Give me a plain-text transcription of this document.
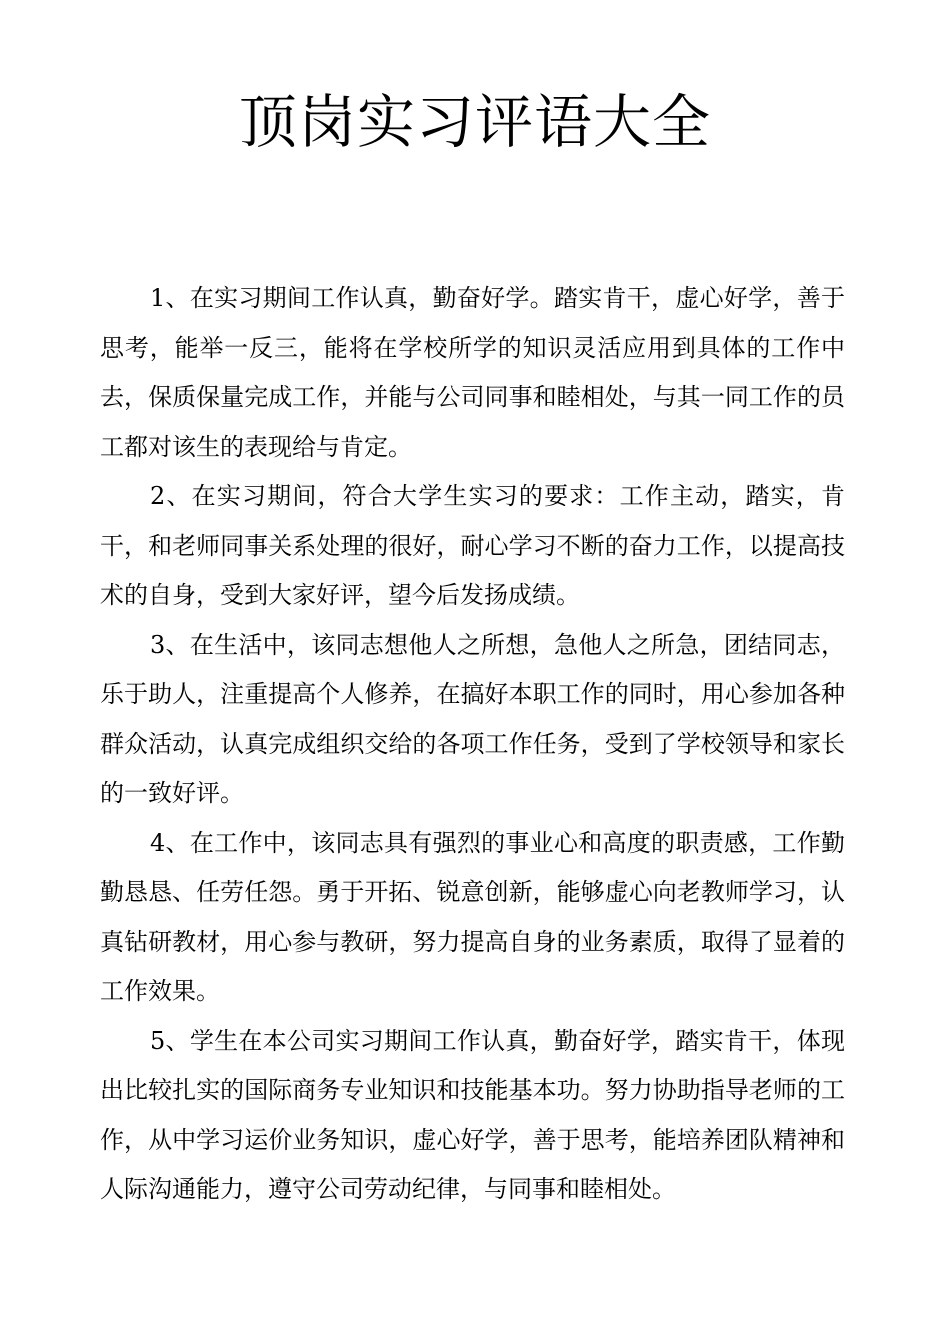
顶岗实习评语大全

1、在实习期间工作认真，勤奋好学。踏实肯干，虚心好学，善于思考，能举一反三，能将在学校所学的知识灵活应用到具体的工作中去，保质保量完成工作，并能与公司同事和睦相处，与其一同工作的员工都对该生的表现给与肯定。

2、在实习期间，符合大学生实习的要求：工作主动，踏实，肯干，和老师同事关系处理的很好，耐心学习不断的奋力工作，以提高技术的自身，受到大家好评，望今后发扬成绩。

3、在生活中，该同志想他人之所想，急他人之所急，团结同志，乐于助人，注重提高个人修养，在搞好本职工作的同时，用心参加各种群众活动，认真完成组织交给的各项工作任务，受到了学校领导和家长的一致好评。

4、在工作中，该同志具有强烈的事业心和高度的职责感，工作勤勤恳恳、任劳任怨。勇于开拓、锐意创新，能够虚心向老教师学习，认真钻研教材，用心参与教研，努力提高自身的业务素质，取得了显着的工作效果。

5、学生在本公司实习期间工作认真，勤奋好学，踏实肯干，体现出比较扎实的国际商务专业知识和技能基本功。努力协助指导老师的工作，从中学习运价业务知识，虚心好学，善于思考，能培养团队精神和人际沟通能力，遵守公司劳动纪律，与同事和睦相处。
